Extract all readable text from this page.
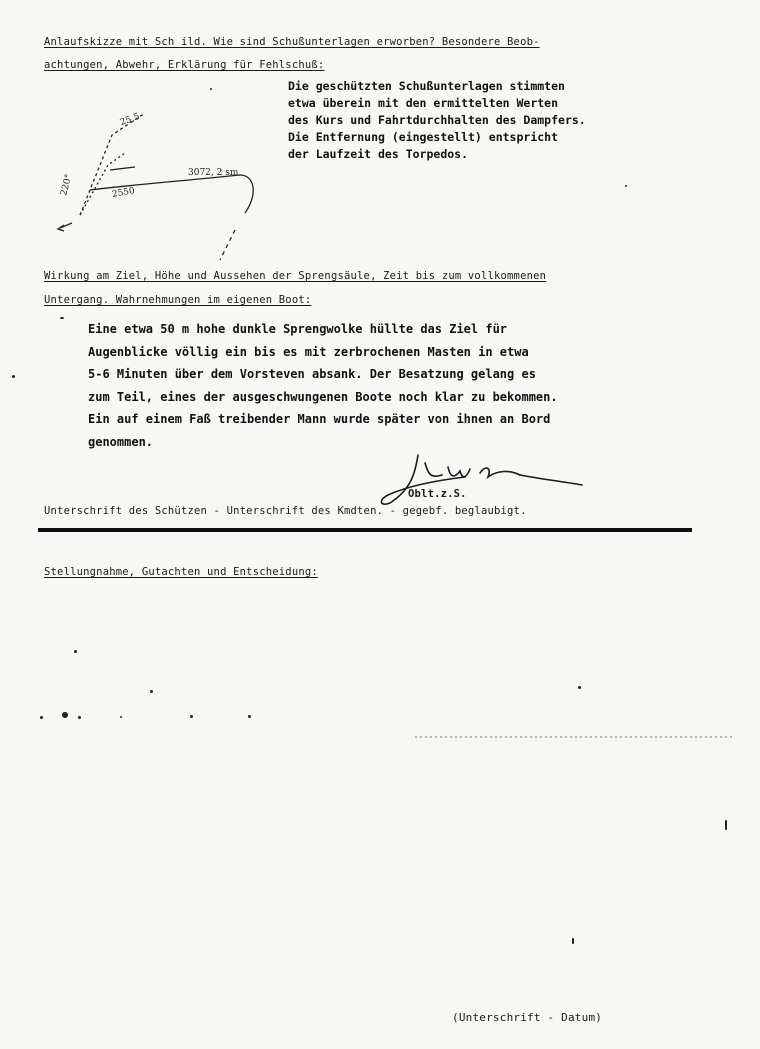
Anlaufskizze mit Sch ild. Wie sind Schußunterlagen erworben? Besondere Beob-
achtungen, Abwehr, Erklärung für Fehlschuß:
Die geschützten Schußunterlagen stimmten
etwa überein mit den ermittelten Werten
des Kurs und Fahrtdurchhalten des Dampfers.
Die Entfernung (eingestellt) entspricht
der Laufzeit des Torpedos.
25,5
3072, 2 sm
2550
220°
Wirkung am Ziel, Höhe und Aussehen der Sprengsäule, Zeit bis zum vollkommenen
Untergang. Wahrnehmungen im eigenen Boot:
Eine etwa 50 m hohe dunkle Sprengwolke hüllte das Ziel für
Augenblicke völlig ein bis es mit zerbrochenen Masten in etwa
5-6 Minuten über dem Vorsteven absank. Der Besatzung gelang es
zum Teil, eines der ausgeschwungenen Boote noch klar zu bekommen.
Ein auf einem Faß treibender Mann wurde später von ihnen an Bord
genommen.
Oblt.z.S.
Unterschrift des Schützen - Unterschrift des Kmdten. - gegebf. beglaubigt.
Stellungnahme, Gutachten und Entscheidung:
(Unterschrift - Datum)
